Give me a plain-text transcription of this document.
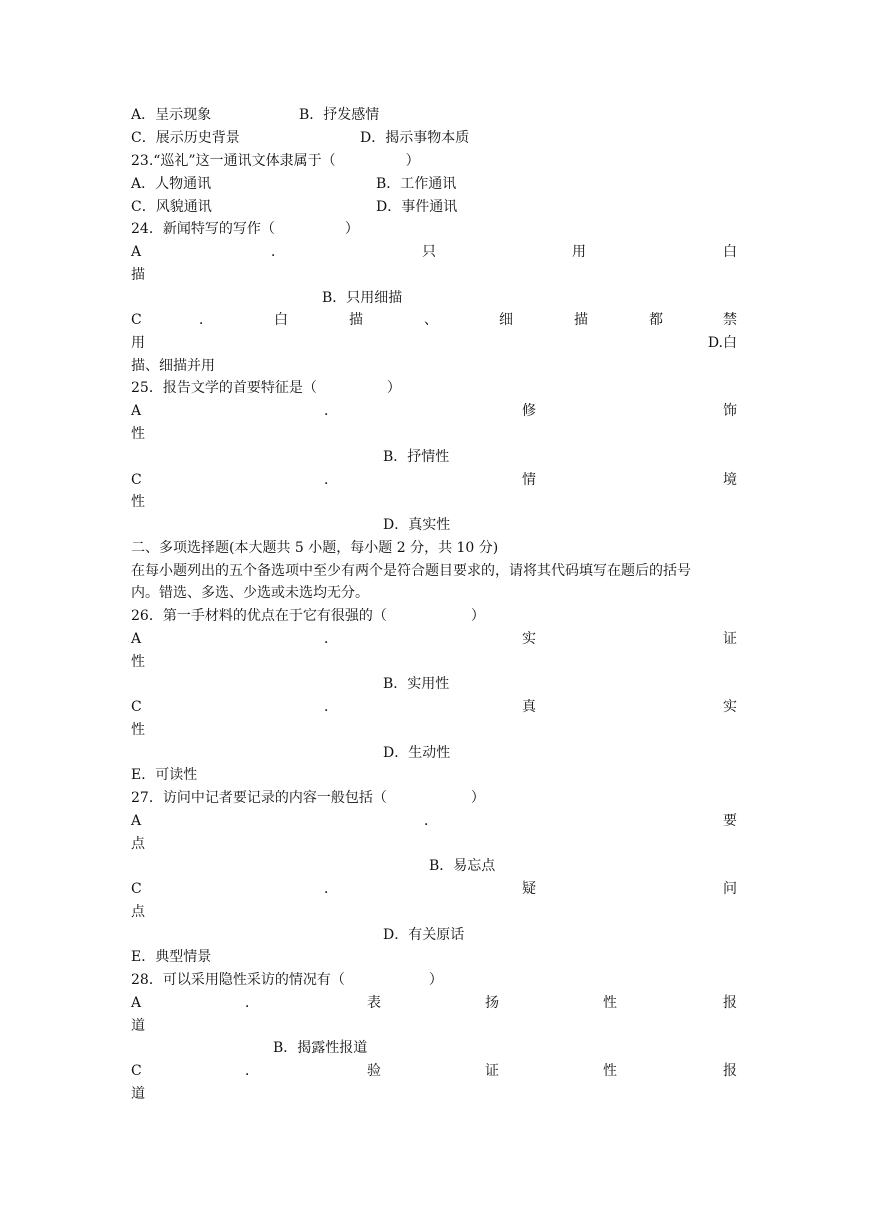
A．呈示现象	B．抒发感情
C．展示历史背景	D．揭示事物本质
23.“巡礼”这一通讯文体隶属于（　　　　　）
A．人物通讯	B．工作通讯
C．风貌通讯	D．事件通讯
24．新闻特写的写作（　　　　　）
A	．	只	用	白
描
B．只用细描
C	．	白	描	、	细	描	都	禁
用	D.白
描、细描并用
25．报告文学的首要特征是（　　　　　）
A	．	修	饰
性
B．抒情性
C	．	情	境
性
D．真实性
二、多项选择题(本大题共 5 小题，每小题 2 分，共 10 分)
在每小题列出的五个备选项中至少有两个是符合题目要求的，请将其代码填写在题后的括号
内。错选、多选、少选或未选均无分。
26．第一手材料的优点在于它有很强的（　　　　　　）
A	．	实	证
性
B．实用性
C	．	真	实
性
D．生动性
E．可读性
27．访问中记者要记录的内容一般包括（　　　　　　）
A	．	要
点
B．易忘点
C	．	疑	问
点
D．有关原话
E．典型情景
28．可以采用隐性采访的情况有（　　　　　　）
A	．	表	扬	性	报
道
B．揭露性报道
C	．	验	证	性	报
道
